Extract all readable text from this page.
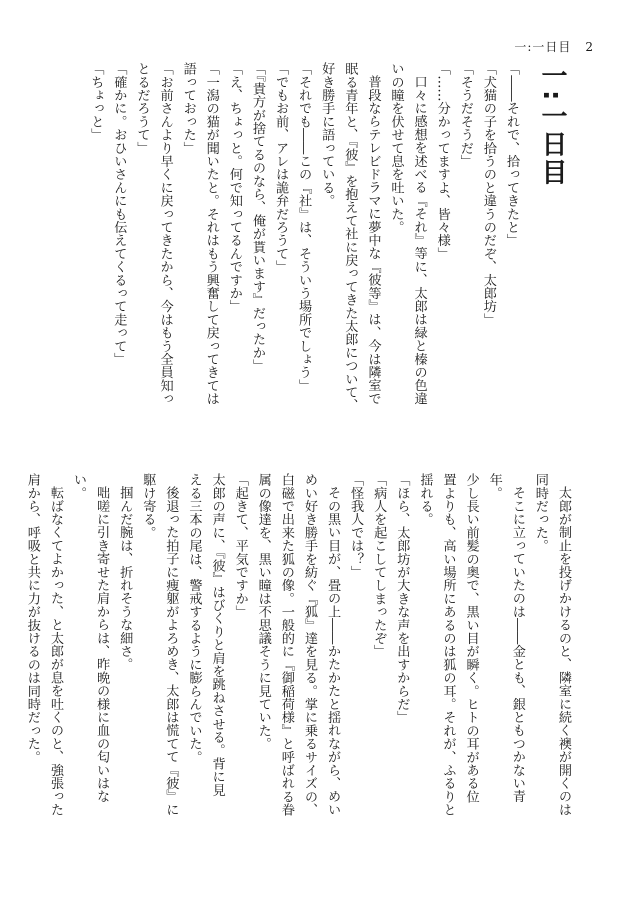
一:一日目 2
一:一日目

「――それで、拾ってきたと」

「犬猫の子を拾うのと違うのだぞ、太郎坊」

「そうだそうだ」

「……分かってますよ、皆々様」

口々に感想を述べる『それ』等に、太郎は緑と榛の色違

いの瞳を伏せて息を吐いた。

普段ならテレビドラマに夢中な『彼等』は、今は隣室で

眠る青年と、『彼』を抱えて社に戻ってきた太郎について、

好き勝手に語っている。

「それでも――この『社』は、そういう場所でしょう」

「でもお前、アレは詭弁だろうて」

「『貴方が捨てるのなら、俺が貰います』だったか」

「え、ちょっと。何で知ってるんですか」

「一潟の猫が聞いたと。それはもう興奮して戻ってきては

語っておった」

「お前さんより早くに戻ってきたから、今はもう全員知っ

とるだろうて」

「確かに。おひいさんにも伝えてくるって走って」

「ちょっと」

太郎が制止を投げかけるのと、隣室に続く襖が開くのは

同時だった。

そこに立っていたのは――金とも、銀ともつかない青年。

少し長い前髪の奥で、黒い目が瞬く。ヒトの耳がある位

置よりも、高い場所にあるのは狐の耳。それが、ふるりと

揺れる。

「ほら、太郎坊が大きな声を出すからだ」

「病人を起こしてしまったぞ」

「怪我人では？」

その黒い目が、畳の上――かたかたと揺れながら、めい

めい好き勝手を紡ぐ『狐』達を見る。掌に乗るサイズの、

白磁で出来た狐の像。一般的に『御稲荷様』と呼ばれる眷

属の像達を、黒い瞳は不思議そうに見ていた。

「起きて、平気ですか」

太郎の声に、『彼』はびくりと肩を跳ねさせる。背に見

える三本の尾は、警戒するように膨らんでいた。

後退った拍子に痩躯がよろめき、太郎は慌てて『彼』に

駆け寄る。

掴んだ腕は、折れそうな細さ。

咄嗟に引き寄せた肩からは、昨晩の様に血の匂いはない。

転ばなくてよかった、と太郎が息を吐くのと、強張った

肩から、呼吸と共に力が抜けるのは同時だった。
